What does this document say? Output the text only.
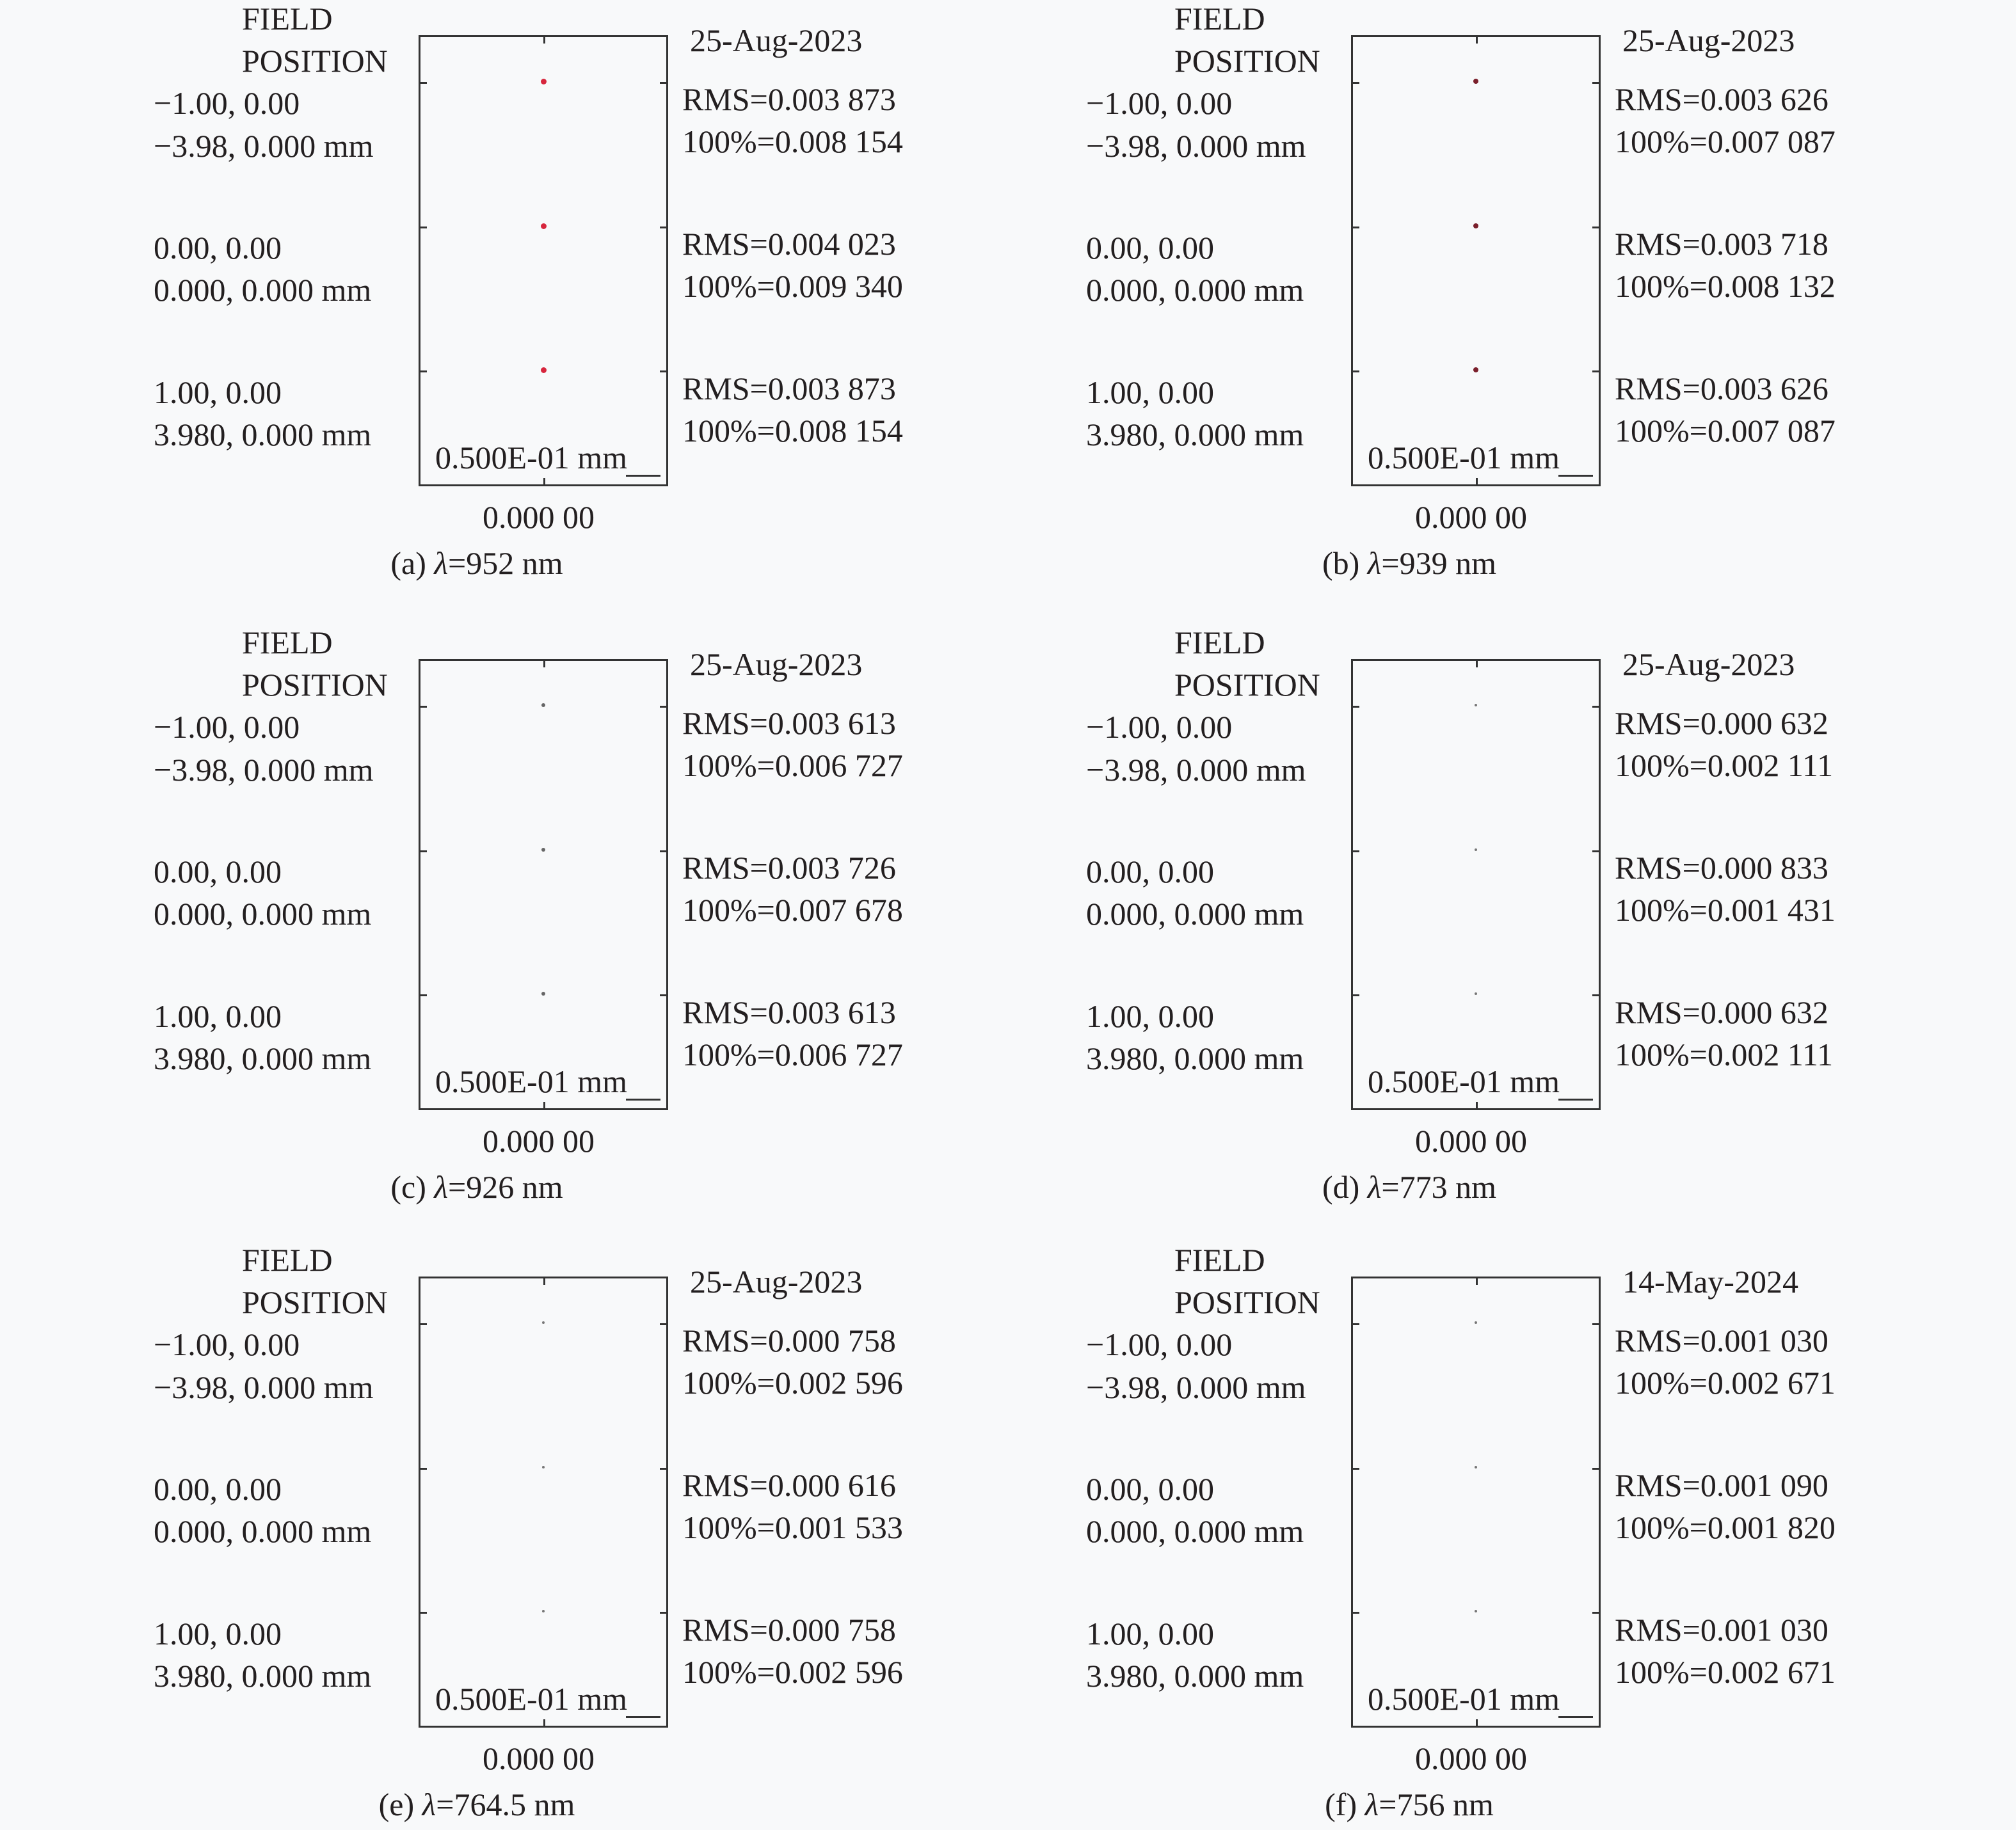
FIELD
POSITION
25-Aug-2023
−1.00, 0.00
−3.98, 0.000 mm
RMS=0.003 873
100%=0.008 154
0.00, 0.00
0.000, 0.000 mm
RMS=0.004 023
100%=0.009 340
1.00, 0.00
3.980, 0.000 mm
RMS=0.003 873
100%=0.008 154
0.500E-01 mm
0.000 00
(a) λ=952 nm
FIELD
POSITION
25-Aug-2023
−1.00, 0.00
−3.98, 0.000 mm
RMS=0.003 626
100%=0.007 087
0.00, 0.00
0.000, 0.000 mm
RMS=0.003 718
100%=0.008 132
1.00, 0.00
3.980, 0.000 mm
RMS=0.003 626
100%=0.007 087
0.500E-01 mm
0.000 00
(b) λ=939 nm
FIELD
POSITION
25-Aug-2023
−1.00, 0.00
−3.98, 0.000 mm
RMS=0.003 613
100%=0.006 727
0.00, 0.00
0.000, 0.000 mm
RMS=0.003 726
100%=0.007 678
1.00, 0.00
3.980, 0.000 mm
RMS=0.003 613
100%=0.006 727
0.500E-01 mm
0.000 00
(c) λ=926 nm
FIELD
POSITION
25-Aug-2023
−1.00, 0.00
−3.98, 0.000 mm
RMS=0.000 632
100%=0.002 111
0.00, 0.00
0.000, 0.000 mm
RMS=0.000 833
100%=0.001 431
1.00, 0.00
3.980, 0.000 mm
RMS=0.000 632
100%=0.002 111
0.500E-01 mm
0.000 00
(d) λ=773 nm
FIELD
POSITION
25-Aug-2023
−1.00, 0.00
−3.98, 0.000 mm
RMS=0.000 758
100%=0.002 596
0.00, 0.00
0.000, 0.000 mm
RMS=0.000 616
100%=0.001 533
1.00, 0.00
3.980, 0.000 mm
RMS=0.000 758
100%=0.002 596
0.500E-01 mm
0.000 00
(e) λ=764.5 nm
FIELD
POSITION
14-May-2024
−1.00, 0.00
−3.98, 0.000 mm
RMS=0.001 030
100%=0.002 671
0.00, 0.00
0.000, 0.000 mm
RMS=0.001 090
100%=0.001 820
1.00, 0.00
3.980, 0.000 mm
RMS=0.001 030
100%=0.002 671
0.500E-01 mm
0.000 00
(f) λ=756 nm
